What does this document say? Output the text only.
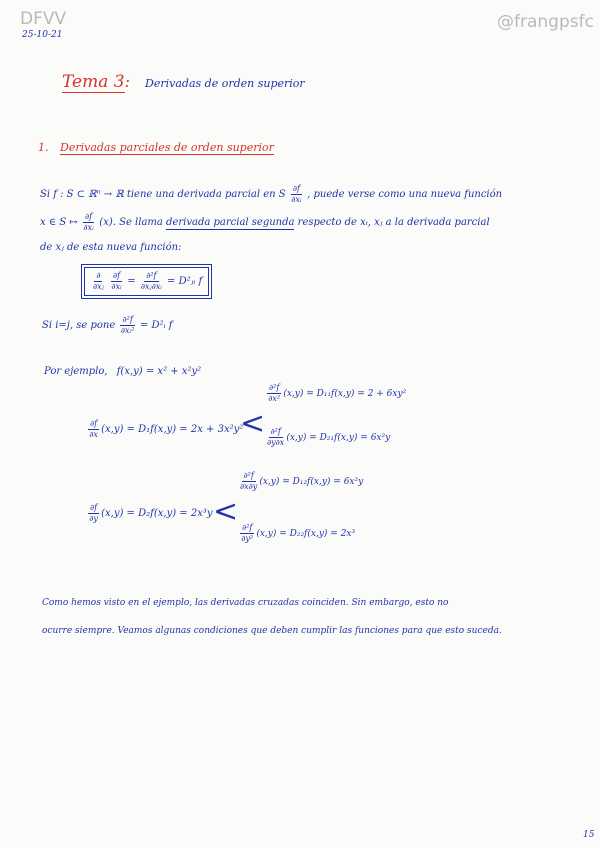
DFVV
25-10-21
@frangpsfc
Tema 3: Derivadas de orden superior
1. Derivadas parciales de orden superior
Si f : S ⊂ ℝⁿ → ℝ tiene una derivada parcial en S $\frac{\partial f}{\text{∂xᵢ}}$ , puede verse como una nueva función
x ∈ S ↦ $\frac{\partial f}{\text{∂xᵢ}} (x)$. Se llama derivada parcial segunda respecto de xᵢ, xⱼ a la derivada parcial
de xⱼ de esta nueva función:
$\frac{\partial}{\text{∂xⱼ}}$
$\frac{\partial f}{\text{∂xᵢ}} = \frac{\text{∂²f}}{\text{∂xⱼ∂xᵢ}}$ = D²ⱼᵢ f
Si i=j, se pone $\frac{\text{∂²f}}{\text{∂xᵢ²}}$ = D²ᵢ f
Por ejemplo, f(x,y) = x² + x²y²
$\frac{\partial f}{\partial x} (x,y) = D_1f(x,y) = 2x + 3x^2y^2$
<
$\frac{\text{∂²f}}{\text{∂x²}} (x,y) = D_{11}f(x,y) = 2 + 6xy^2$
$\frac{\text{∂²f}}{\partial y\partial x} (x,y) = D_{21}f(x,y) = 6x^2y$
$\frac{\partial f}{\partial y} (x,y) = D_2f(x,y) = 2x^3y$ <
$\frac{\text{∂²f}}{\partial x\partial y} (x,y) = D_{12}f(x,y) = 6x^2y$
$\frac{\text{∂²f}}{\text{∂y²}} (x,y) = D_{22}f(x,y) = 2x^3$
Como hemos visto en el ejemplo, las derivadas cruzadas coinciden. Sin embargo, esto no
ocurre siempre. Veamos algunas condiciones que deben cumplir las funciones para que esto suceda.
15
